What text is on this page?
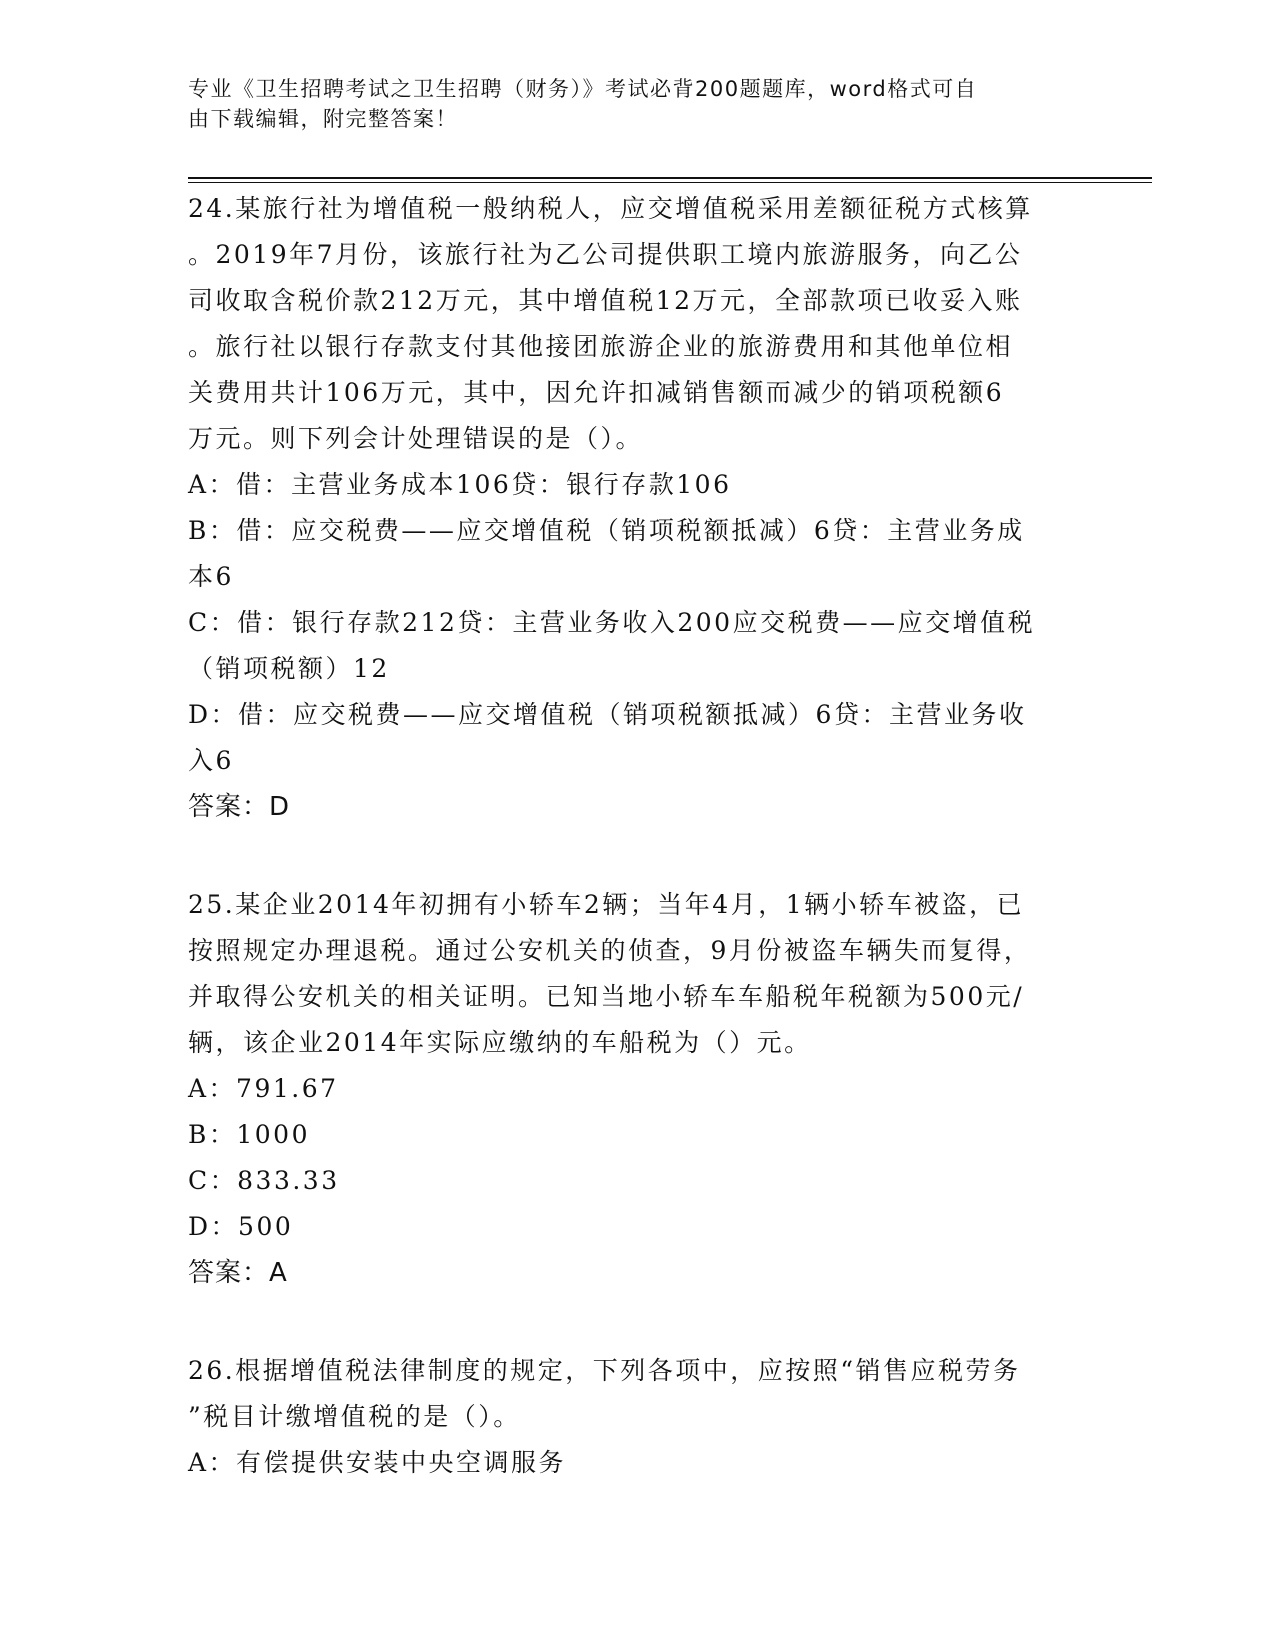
专业《卫生招聘考试之卫生招聘（财务）》考试必背200题题库，word格式可自

由下载编辑，附完整答案！

24.某旅行社为增值税一般纳税人，应交增值税采用差额征税方式核算

。2019年7月份，该旅行社为乙公司提供职工境内旅游服务，向乙公

司收取含税价款212万元，其中增值税12万元，全部款项已收妥入账

。旅行社以银行存款支付其他接团旅游企业的旅游费用和其他单位相

关费用共计106万元，其中，因允许扣减销售额而减少的销项税额6

万元。则下列会计处理错误的是（）。

A：借：主营业务成本106贷：银行存款106

B：借：应交税费——应交增值税（销项税额抵减）6贷：主营业务成

本6

C：借：银行存款212贷：主营业务收入200应交税费——应交增值税

（销项税额）12

D：借：应交税费——应交增值税（销项税额抵减）6贷：主营业务收

入6

答案：D

25.某企业2014年初拥有小轿车2辆；当年4月，1辆小轿车被盗，已

按照规定办理退税。通过公安机关的侦查，9月份被盗车辆失而复得，

并取得公安机关的相关证明。已知当地小轿车车船税年税额为500元/

辆，该企业2014年实际应缴纳的车船税为（）元。

A：791.67

B：1000

C：833.33

D：500

答案：A

26.根据增值税法律制度的规定，下列各项中，应按照“销售应税劳务

”税目计缴增值税的是（）。

A：有偿提供安装中央空调服务
